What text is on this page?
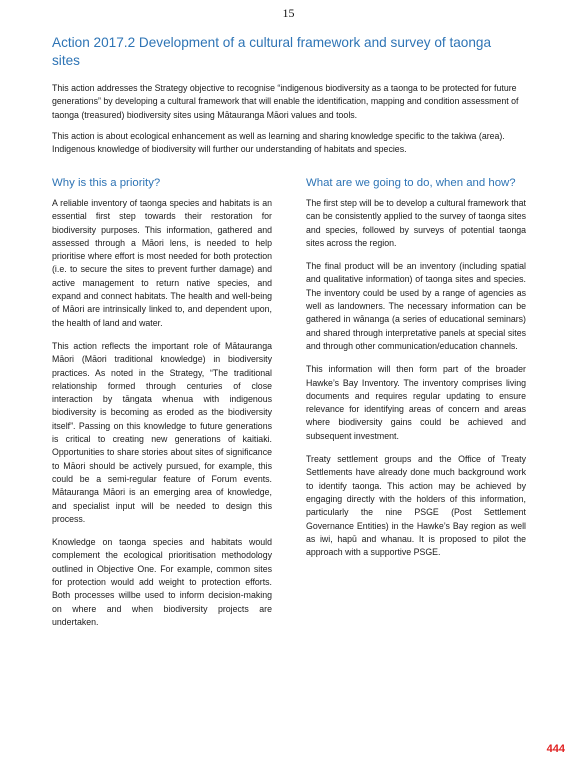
15
Action 2017.2 Development of a cultural framework and survey of taonga sites

This action addresses the Strategy objective to recognise “indigenous biodiversity as a taonga to be protected for future generations” by developing a cultural framework that will enable the identification, mapping and condition assessment of taonga (treasured) biodiversity sites using Mātauranga Māori values and tools.

This action is about ecological enhancement as well as learning and sharing knowledge specific to the takiwa (area). Indigenous knowledge of biodiversity will further our understanding of habitats and species.

Why is this a priority?

A reliable inventory of taonga species and habitats is an essential first step towards their restoration for biodiversity purposes. This information, gathered and assessed through a Māori lens, is needed to help prioritise where effort is most needed for both protection (i.e. to secure the sites to prevent further damage) and active management to return native species, and expand and connect habitats. The health and well-being of Māori are intrinsically linked to, and dependent upon, the health of land and water.

This action reflects the important role of Mātauranga Māori (Māori traditional knowledge) in biodiversity practices. As noted in the Strategy, “The traditional relationship formed through centuries of close interaction by tāngata whenua with indigenous biodiversity is becoming as eroded as the biodiversity itself”. Passing on this knowledge to future generations is critical to creating new generations of kaitiaki. Opportunities to share stories about sites of significance to Māori should be actively pursued, for example, this could be a semi-regular feature of Forum events. Mātauranga Māori is an emerging area of knowledge, and specialist input will be needed to design this process.

Knowledge on taonga species and habitats would complement the ecological prioritisation methodology outlined in Objective One. For example, common sites for protection would add weight to protection efforts. Both processes willbe used to inform decision-making on where and when biodiversity projects are undertaken.

What are we going to do, when and how?

The first step will be to develop a cultural framework that can be consistently applied to the survey of taonga sites and species, followed by surveys of potential taonga sites across the region.

The final product will be an inventory (including spatial and qualitative information) of taonga sites and species. The inventory could be used by a range of agencies as well as landowners. The necessary information can be gathered in wānanga (a series of educational seminars) and shared through interpretative panels at special sites and through other communication/education channels.

This information will then form part of the broader Hawke’s Bay Inventory. The inventory comprises living documents and requires regular updating to ensure relevance for identifying areas of concern and areas where biodiversity gains could be achieved and subsequent investment.

Treaty settlement groups and the Office of Treaty Settlements have already done much background work to identify taonga. This action may be achieved by engaging directly with the holders of this information, particularly the nine PSGE (Post Settlement Governance Entities) in the Hawke’s Bay region as well as iwi, hapū and whanau. It is proposed to pilot the approach with a supportive PSGE.

444
